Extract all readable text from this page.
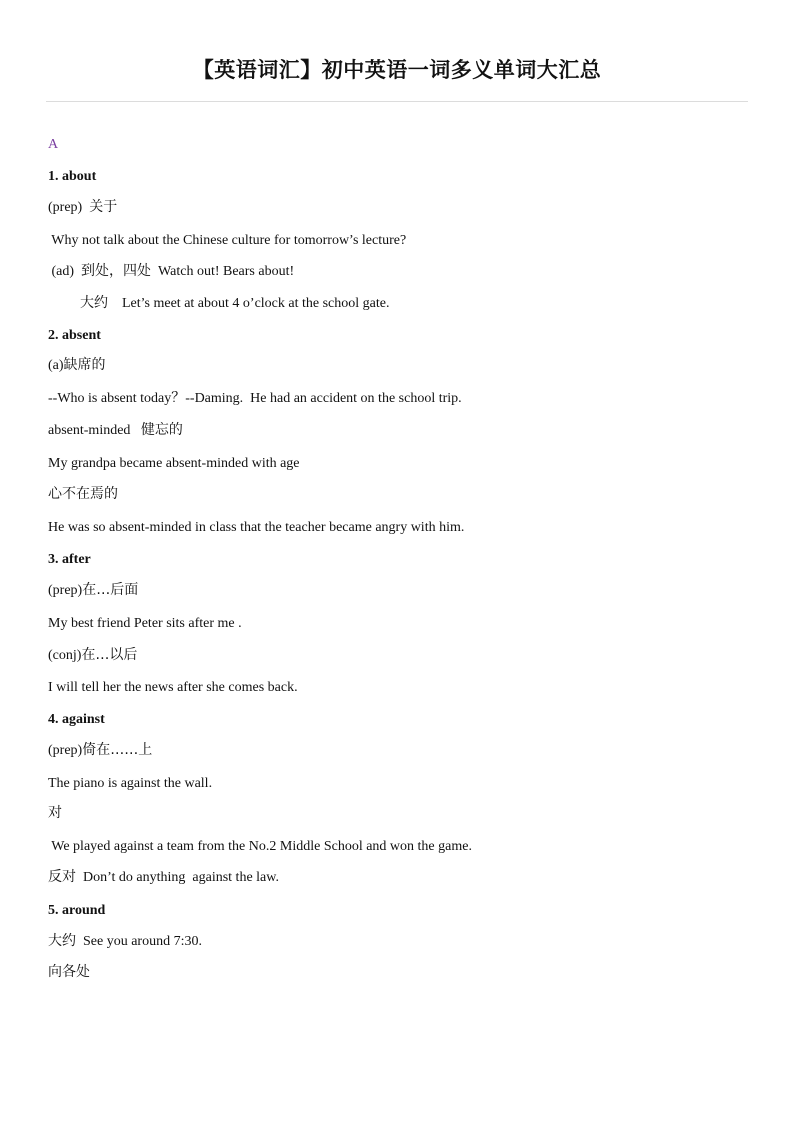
【英语词汇】初中英语一词多义单词大汇总
A
1. about
(prep)  关于
Why not talk about the Chinese culture for tomorrow’s lecture?
(ad)  到处，四处  Watch out! Bears about!
大约    Let’s meet at about 4 o’clock at the school gate.
2. absent
(a)缺席的
--Who is absent today？--Daming.  He had an accident on the school trip.
absent-minded   健忘的
My grandpa became absent-minded with age
心不在焉的
He was so absent-minded in class that the teacher became angry with him.
3. after
(prep)在…后面
My best friend Peter sits after me .
(conj)在…以后
I will tell her the news after she comes back.
4. against
(prep)倚在……上
The piano is against the wall.
对
We played against a team from the No.2 Middle School and won the game.
反对  Don’t do anything  against the law.
5. around
大约  See you around 7:30.
向各处
